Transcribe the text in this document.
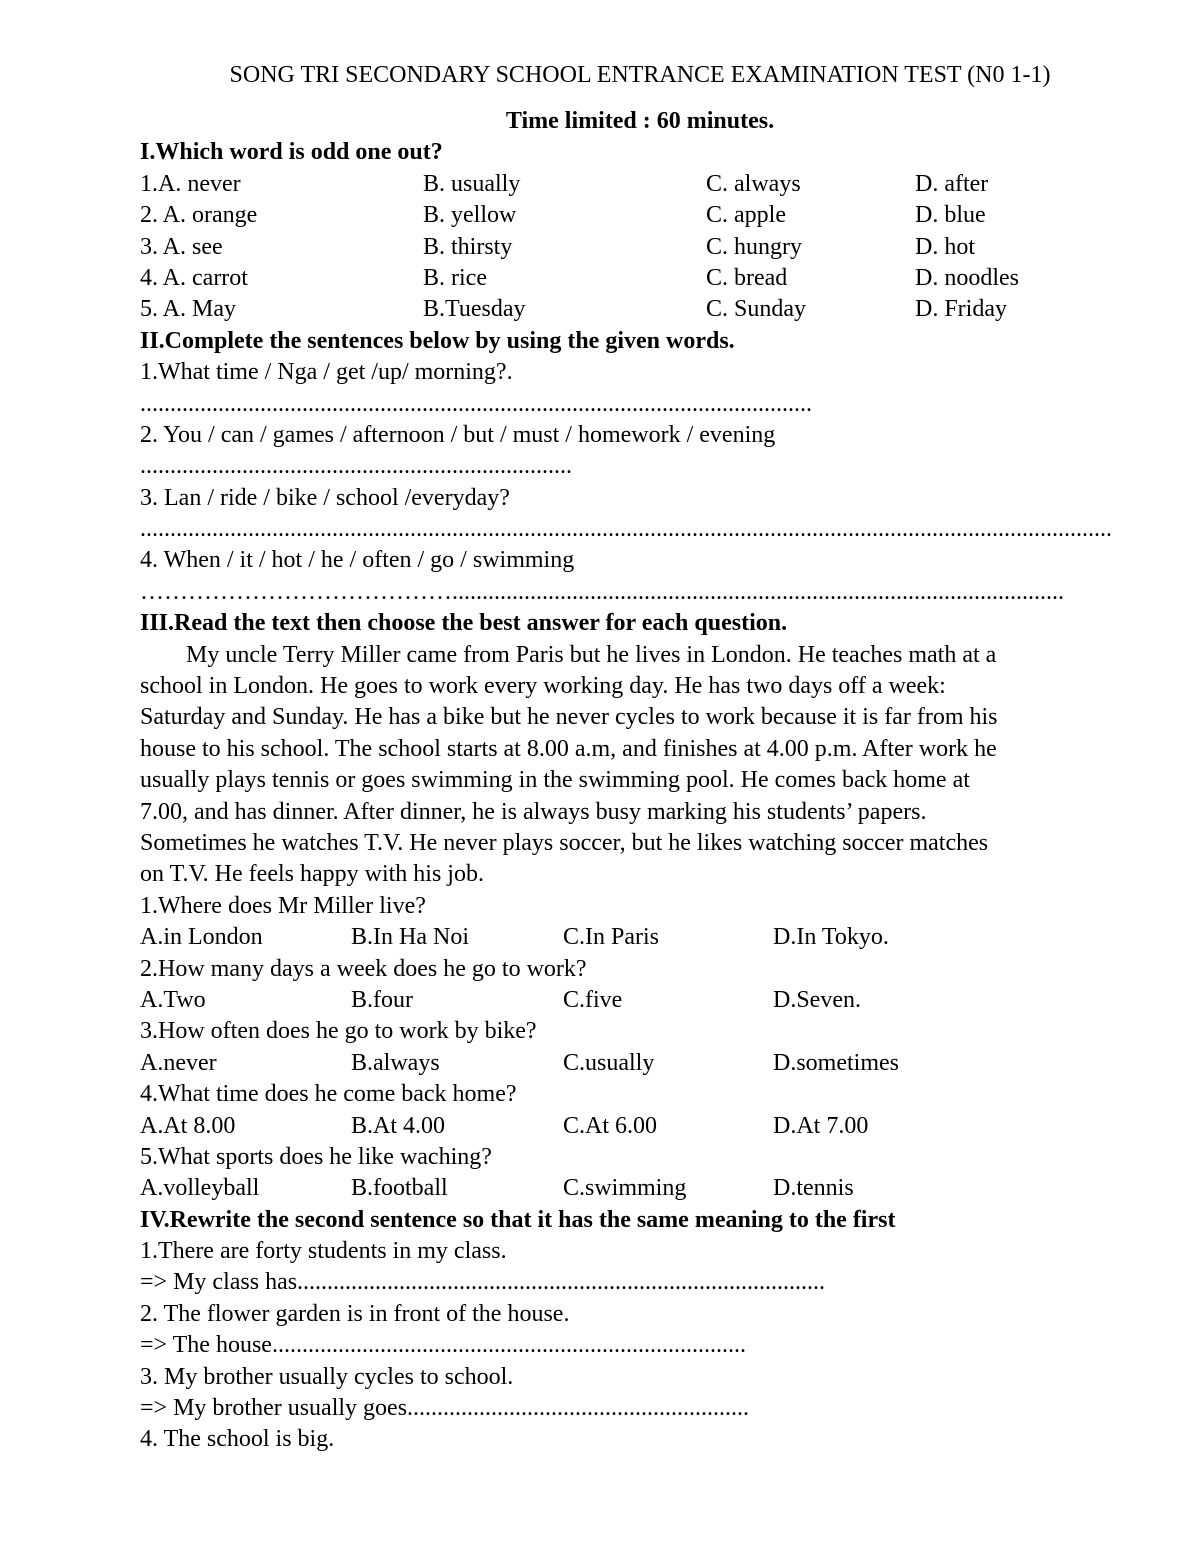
SONG TRI SECONDARY SCHOOL ENTRANCE EXAMINATION TEST (N0 1-1)
Time limited : 60 minutes.
I.Which word is odd one out?
1.A. never	B. usually	C. always	D. after
2. A. orange	B. yellow	C. apple	D. blue
3. A. see	B. thirsty	C. hungry	D. hot
4. A. carrot	B. rice	C. bread	D. noodles
5. A. May	B.Tuesday	C. Sunday	D. Friday
II.Complete the sentences below by using the given words.
1.What time / Nga / get /up/ morning?.
................................................................................................................
2. You / can / games / afternoon / but / must / homework / evening
........................................................................
3. Lan / ride / bike / school /everyday?
..................................................................................................................................................................
4. When / it / hot / he / often / go / swimming
…………………………………......................................................................................................
III.Read the text then choose the best answer for each question.
My uncle Terry Miller came from Paris but he lives in London. He teaches math at a
school in London. He goes to work every working day. He has two days off a week:
Saturday and Sunday. He has a bike but he never cycles to work because it is far from his
house to his school. The school starts at 8.00 a.m, and finishes at 4.00 p.m. After work he
usually plays tennis or goes swimming in the swimming pool. He comes back home at
7.00, and has dinner. After dinner, he is always busy marking his students’ papers.
Sometimes he watches T.V. He never plays soccer, but he likes watching soccer matches
on T.V. He feels happy with his job.
1.Where does Mr Miller live?
A.in London	B.In Ha Noi	C.In Paris	D.In Tokyo.
2.How many days a week does he go to work?
A.Two	B.four	C.five	D.Seven.
3.How often does he go to work by bike?
A.never	B.always	C.usually	D.sometimes
4.What time does he come back home?
A.At 8.00	B.At 4.00	C.At 6.00	D.At 7.00
5.What sports does he like waching?
A.volleyball	B.football	C.swimming	D.tennis
IV.Rewrite the second sentence so that it has the same meaning to the first
1.There are forty students in my class.
=> My class has........................................................................................
2. The flower garden is in front of the house.
=> The house...............................................................................
3. My brother usually cycles to school.
=> My brother usually goes.........................................................
4. The school is big.
